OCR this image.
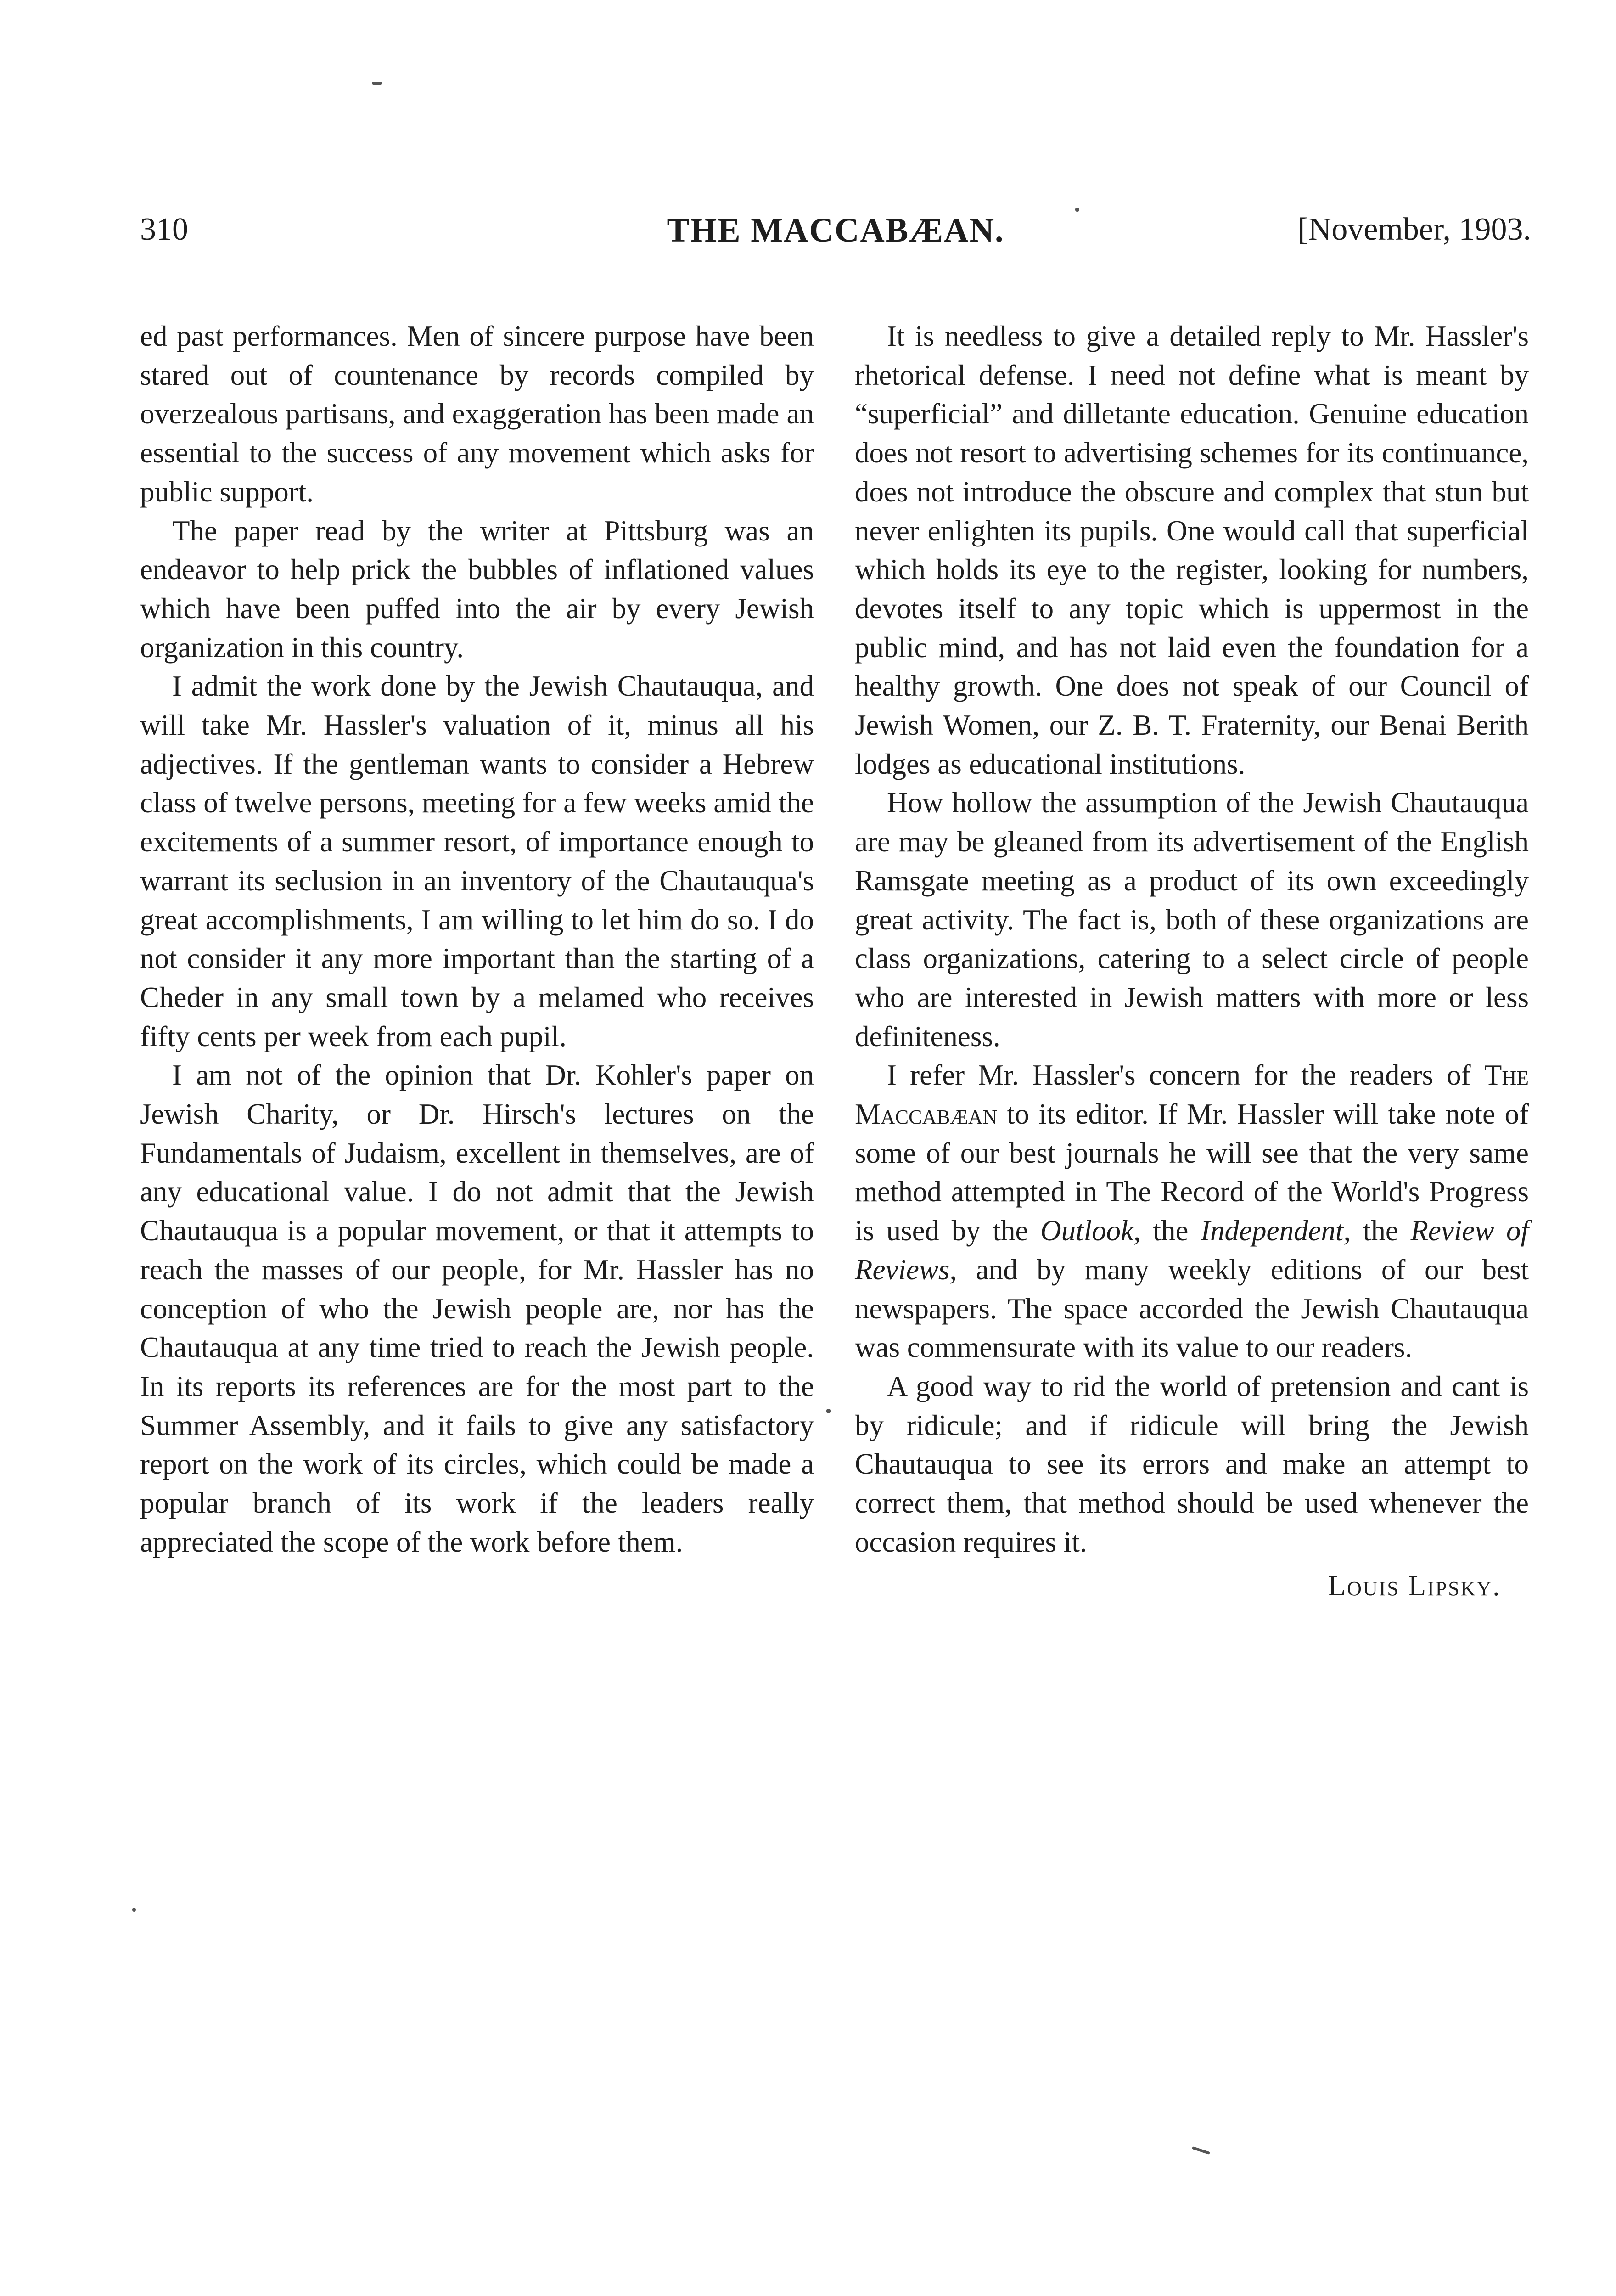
310	THE MACCABÆAN.	[November, 1903.

ed past performances. Men of sincere purpose have been stared out of countenance by records compiled by overzealous partisans, and exaggeration has been made an essential to the success of any movement which asks for public support.

The paper read by the writer at Pittsburg was an endeavor to help prick the bubbles of inflationed values which have been puffed into the air by every Jewish organization in this country.

I admit the work done by the Jewish Chautauqua, and will take Mr. Hassler's valuation of it, minus all his adjectives. If the gentleman wants to consider a Hebrew class of twelve persons, meeting for a few weeks amid the excitements of a summer resort, of importance enough to warrant its seclusion in an inventory of the Chautauqua's great accomplishments, I am willing to let him do so. I do not consider it any more important than the starting of a Cheder in any small town by a melamed who receives fifty cents per week from each pupil.

I am not of the opinion that Dr. Kohler's paper on Jewish Charity, or Dr. Hirsch's lectures on the Fundamentals of Judaism, excellent in themselves, are of any educational value. I do not admit that the Jewish Chautauqua is a popular movement, or that it attempts to reach the masses of our people, for Mr. Hassler has no conception of who the Jewish people are, nor has the Chautauqua at any time tried to reach the Jewish people. In its reports its references are for the most part to the Summer Assembly, and it fails to give any satisfactory report on the work of its circles, which could be made a popular branch of its work if the leaders really appreciated the scope of the work before them.

It is needless to give a detailed reply to Mr. Hassler's rhetorical defense. I need not define what is meant by “superficial” and dilletante education. Genuine education does not resort to advertising schemes for its continuance, does not introduce the obscure and complex that stun but never enlighten its pupils. One would call that superficial which holds its eye to the register, looking for numbers, devotes itself to any topic which is uppermost in the public mind, and has not laid even the foundation for a healthy growth. One does not speak of our Council of Jewish Women, our Z. B. T. Fraternity, our Benai Berith lodges as educational institutions.

How hollow the assumption of the Jewish Chautauqua are may be gleaned from its advertisement of the English Ramsgate meeting as a product of its own exceedingly great activity. The fact is, both of these organizations are class organizations, catering to a select circle of people who are interested in Jewish matters with more or less definiteness.

I refer Mr. Hassler's concern for the readers of The Maccabæan to its editor. If Mr. Hassler will take note of some of our best journals he will see that the very same method attempted in The Record of the World's Progress is used by the Outlook, the Independent, the Review of Reviews, and by many weekly editions of our best newspapers. The space accorded the Jewish Chautauqua was commensurate with its value to our readers.

A good way to rid the world of pretension and cant is by ridicule; and if ridicule will bring the Jewish Chautauqua to see its errors and make an attempt to correct them, that method should be used whenever the occasion requires it.

Louis Lipsky.
